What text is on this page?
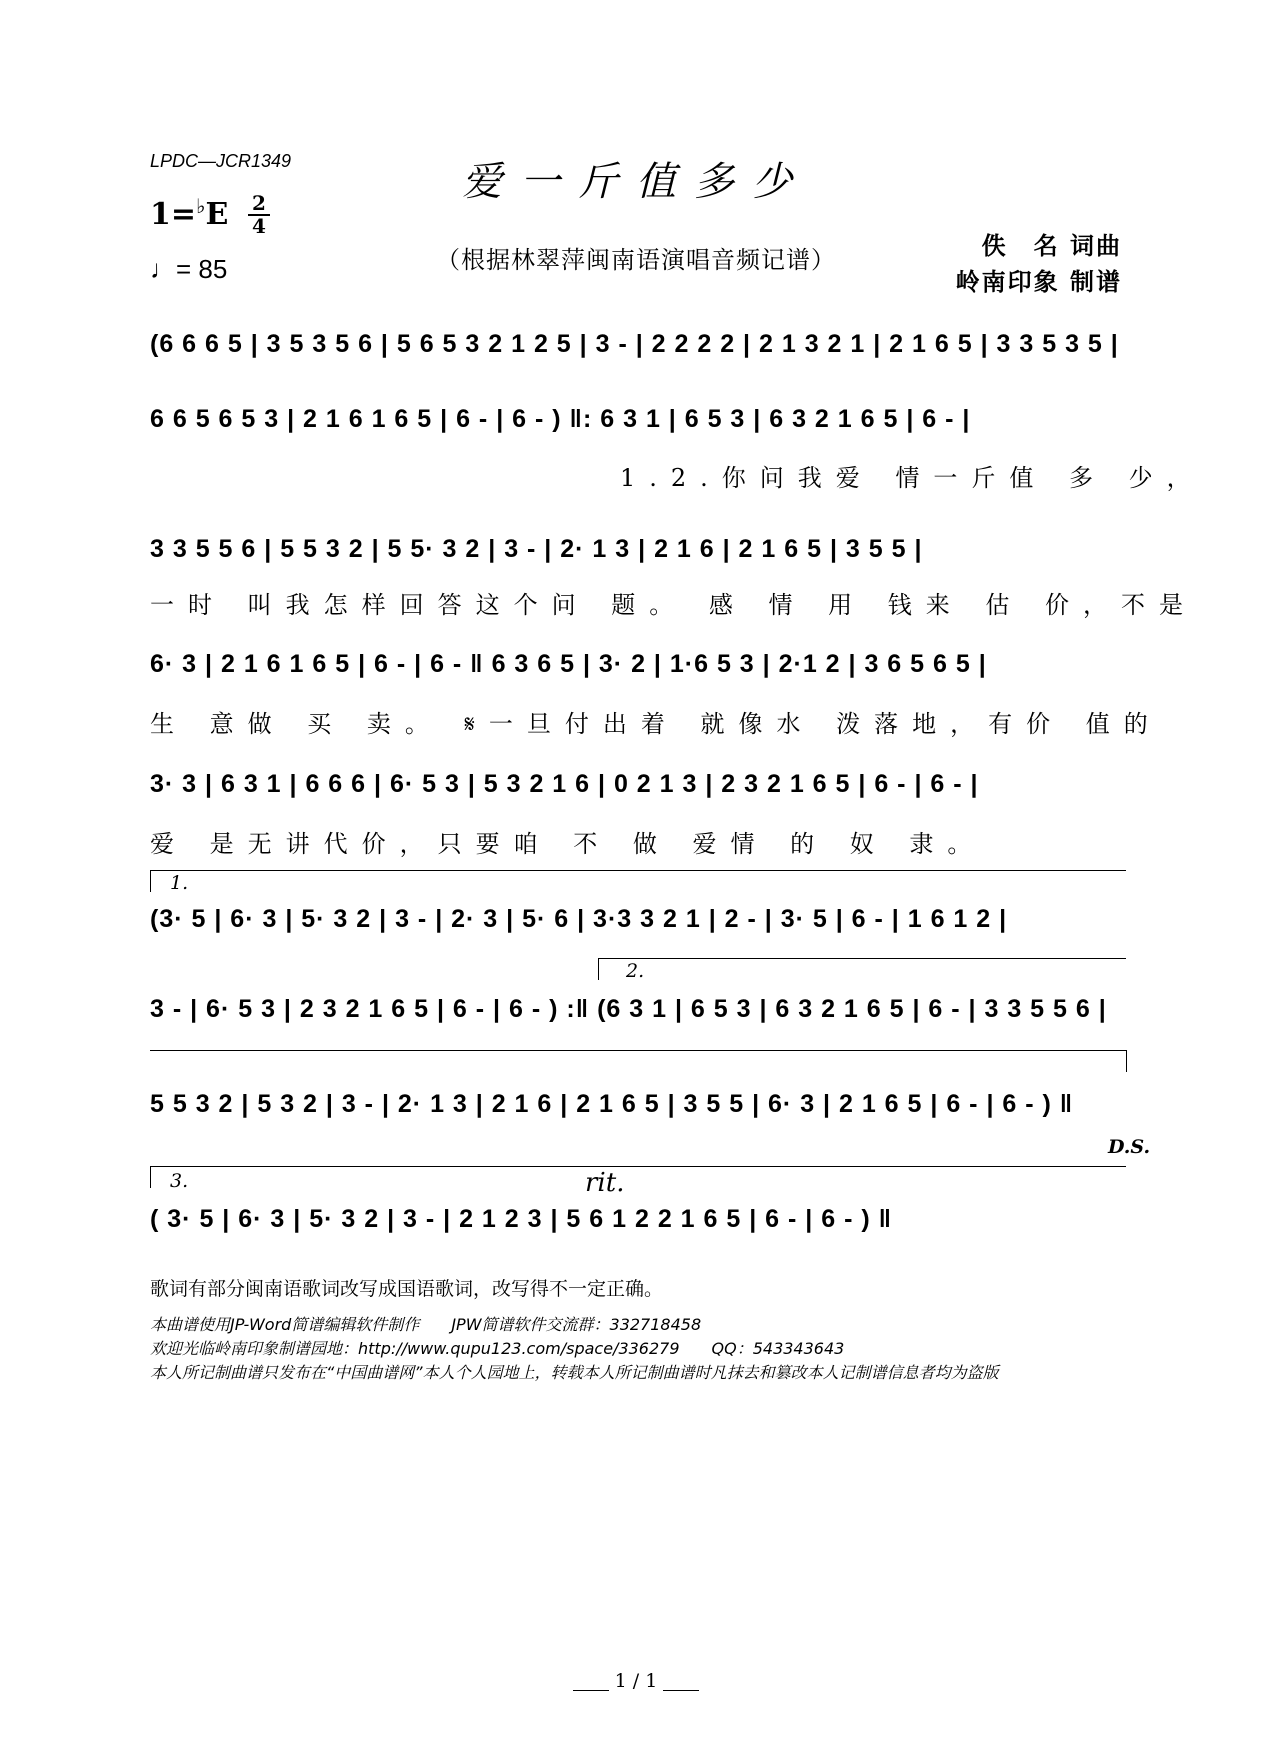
LPDC—JCR1349	爱一斤值多少
1=♭E 2
4
♩= 85	（根据林翠萍闽南语演唱音频记谱）	佚　名 词曲
岭南印象 制谱
(6 6 6 5 | 3 5 3 5 6 | 5 6 5 3 2 1 2 5 | 3 - | 2 2 2 2 | 2 1 3 2 1 | 2 1 6 5 | 3 3 5 3 5 |
6 6 5 6 5 3 | 2 1 6 1 6 5 | 6 - | 6 - ) ‖: 6 3 1 | 6 5 3 | 6 3 2 1 6 5 | 6 - |
1.2.你问我爱 情一斤值 多 少，
3 3 5 5 6 | 5 5 3 2 | 5 5· 3 2 | 3 - | 2· 1 3 | 2 1 6 | 2 1 6 5 | 3 5 5 |
一时 叫我怎样回答这个问 题。 感 情 用 钱来 估 价，不是
6· 3 | 2 1 6 1 6 5 | 6 - | 6 - ‖ 6 3 6 5 | 3· 2 | 1·6 5 3 | 2·1 2 | 3 6 5 6 5 |
生 意做 买 卖。 𝄋一旦付出着 就像水 泼落地，有价 值的
3· 3 | 6 3 1 | 6 6 6 | 6· 5 3 | 5 3 2 1 6 | 0 2 1 3 | 2 3 2 1 6 5 | 6 - | 6 - |
爱 是无讲代价，只要咱 不 做 爱情 的 奴 隶。
1.
(3· 5 | 6· 3 | 5· 3 2 | 3 - | 2· 3 | 5· 6 | 3·3 3 2 1 | 2 - | 3· 5 | 6 - | 1 6 1 2 |
2.
3 - | 6· 5 3 | 2 3 2 1 6 5 | 6 - | 6 - ) :‖ (6 3 1 | 6 5 3 | 6 3 2 1 6 5 | 6 - | 3 3 5 5 6 |
5 5 3 2 | 5 3 2 | 3 - | 2· 1 3 | 2 1 6 | 2 1 6 5 | 3 5 5 | 6· 3 | 2 1 6 5 | 6 - | 6 - ) ‖
D.S.
3.	rit.
( 3· 5 | 6· 3 | 5· 3 2 | 3 - | 2 1 2 3 | 5 6 1 2 2 1 6 5 | 6 - | 6 - ) ‖
歌词有部分闽南语歌词改写成国语歌词，改写得不一定正确。
本曲谱使用JP-Word简谱编辑软件制作　　JPW简谱软件交流群：332718458
欢迎光临岭南印象制谱园地：http://www.qupu123.com/space/336279　　QQ：543343643
本人所记制曲谱只发布在“中国曲谱网”本人个人园地上，转载本人所记制曲谱时凡抹去和篡改本人记制谱信息者均为盗版
1 / 1
